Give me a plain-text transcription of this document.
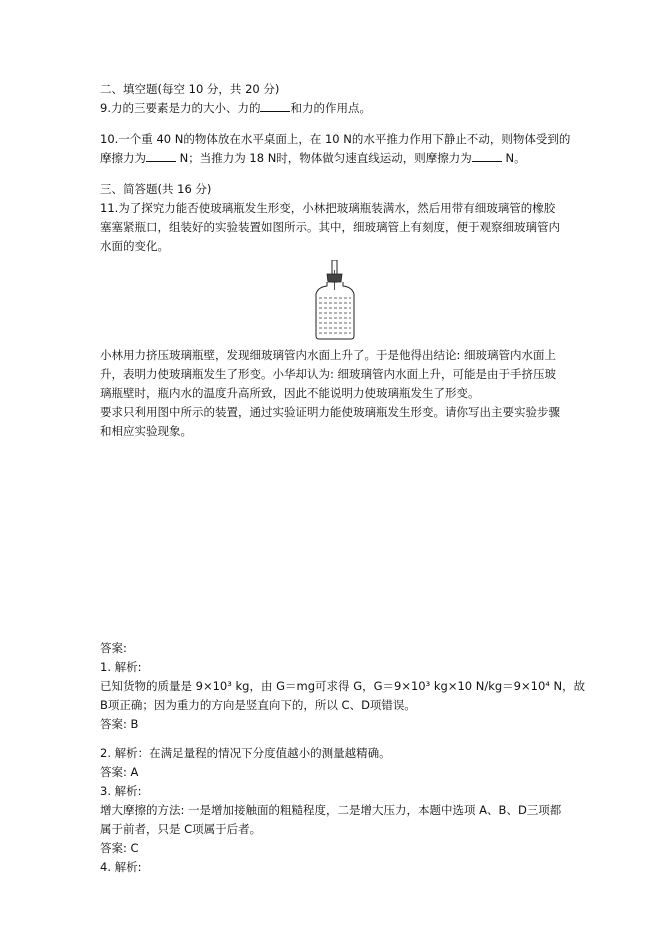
二、填空题(每空 10 分，共 20 分)
9.力的三要素是力的大小、力的	和力的作用点。
10.一个重 40 N的物体放在水平桌面上，在 10 N的水平推力作用下静止不动，则物体受到的
摩擦力为	N；当推力为 18 N时，物体做匀速直线运动，则摩擦力为	N。
三、简答题(共 16 分)
11.为了探究力能否使玻璃瓶发生形变，小林把玻璃瓶装满水，然后用带有细玻璃管的橡胶
塞塞紧瓶口，组装好的实验装置如图所示。其中，细玻璃管上有刻度，便于观察细玻璃管内
水面的变化。
小林用力挤压玻璃瓶壁，发现细玻璃管内水面上升了。于是他得出结论: 细玻璃管内水面上
升，表明力使玻璃瓶发生了形变。小华却认为: 细玻璃管内水面上升，可能是由于手挤压玻
璃瓶壁时，瓶内水的温度升高所致，因此不能说明力使玻璃瓶发生了形变。
要求只利用图中所示的装置，通过实验证明力能使玻璃瓶发生形变。请你写出主要实验步骤
和相应实验现象。
答案:
1. 解析:
已知货物的质量是 9×10³ kg，由 G＝mg可求得 G，G＝9×10³ kg×10 N/kg＝9×10⁴ N，故
B项正确；因为重力的方向是竖直向下的，所以 C、D项错误。
答案: B
2. 解析：在满足量程的情况下分度值越小的测量越精确。
答案: A
3. 解析:
增大摩擦的方法: 一是增加接触面的粗糙程度，二是增大压力，本题中选项 A、B、D三项都
属于前者，只是 C项属于后者。
答案: C
4. 解析:
